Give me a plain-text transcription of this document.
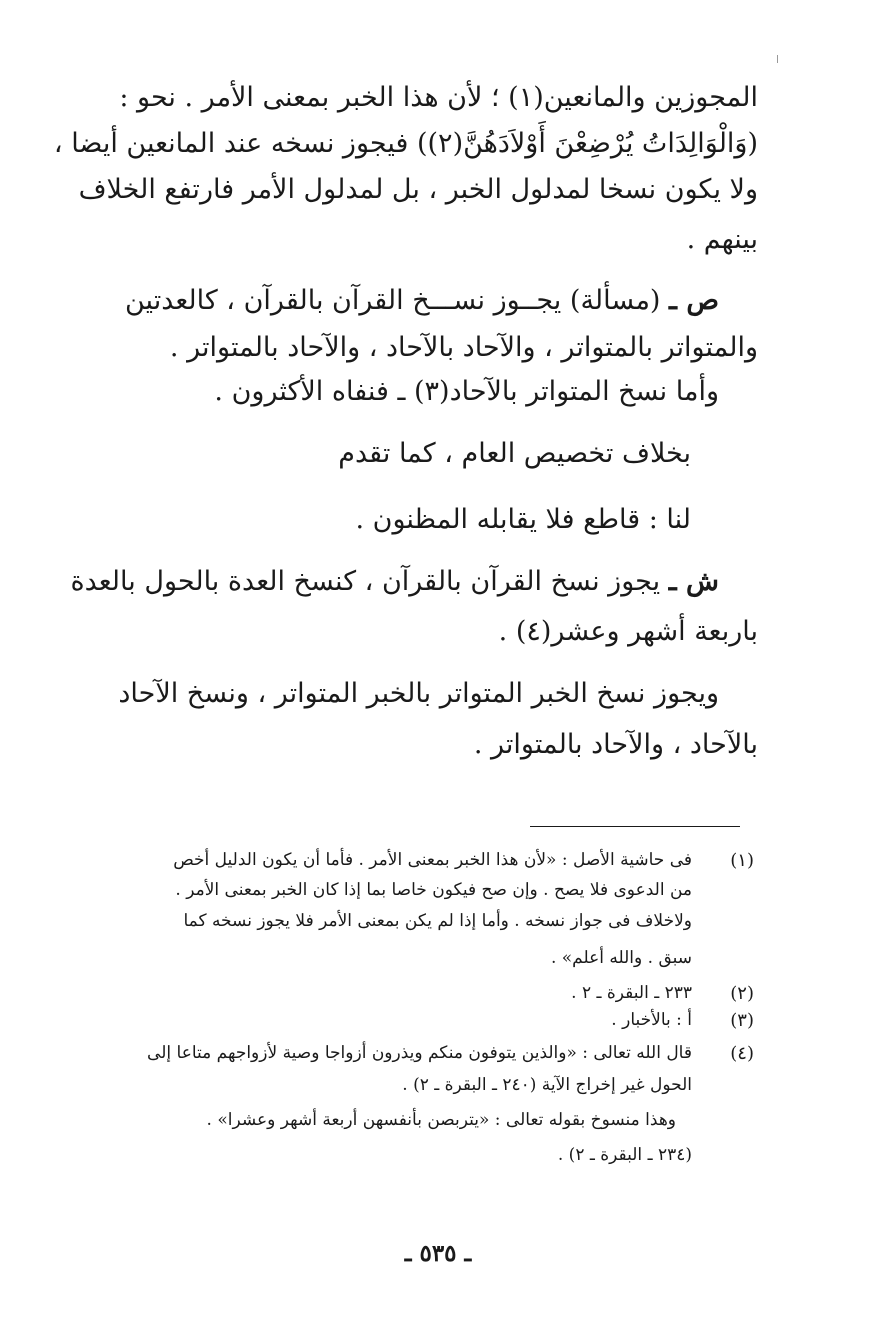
المجوزين والمانعين(١) ؛ لأن هذا الخبر بمعنى الأمر . نحو :
(وَالْوَالِدَاتُ يُرْضِعْنَ أَوْلاَدَهُنَّ(٢)) فيجوز نسخه عند المانعين أيضا ،
ولا يكون نسخا لمدلول الخبر ، بل لمدلول الأمر فارتفع الخلاف
بينهم .
ص ـ (مسألة) يجــوز نســـخ القرآن بالقرآن ، كالعدتين
والمتواتر بالمتواتر ، والآحاد بالآحاد ، والآحاد بالمتواتر .
وأما نسخ المتواتر بالآحاد(٣) ـ فنفاه الأكثرون .
بخلاف تخصيص العام ، كما تقدم
لنا : قاطع فلا يقابله المظنون .
ش ـ يجوز نسخ القرآن بالقرآن ، كنسخ العدة بالحول بالعدة
باربعة أشهر وعشر(٤) .
ويجوز نسخ الخبر المتواتر بالخبر المتواتر ، ونسخ الآحاد
بالآحاد ، والآحاد بالمتواتر .
(١)
فى حاشية الأصل : «لأن هذا الخبر بمعنى الأمر . فأما أن يكون الدليل أخص
من الدعوى فلا يصح . وإن صح فيكون خاصا بما إذا كان الخبر بمعنى الأمر .
ولاخلاف فى جواز نسخه . وأما إذا لم يكن بمعنى الأمر فلا يجوز نسخه كما
سبق . والله أعلم» .
(٢)
٢٣٣ ـ البقرة ـ ٢ .
(٣)
أ : بالأخبار .
(٤)
قال الله تعالى : «والذين يتوفون منكم ويذرون أزواجا وصية لأزواجهم متاعا إلى
الحول غير إخراج الآية (٢٤٠ ـ البقرة ـ ٢) .
وهذا منسوخ بقوله تعالى : «يتربصن بأنفسهن أربعة أشهر وعشرا» .
(٢٣٤ ـ البقرة ـ ٢) .
ـ ٥٣٥ ـ
